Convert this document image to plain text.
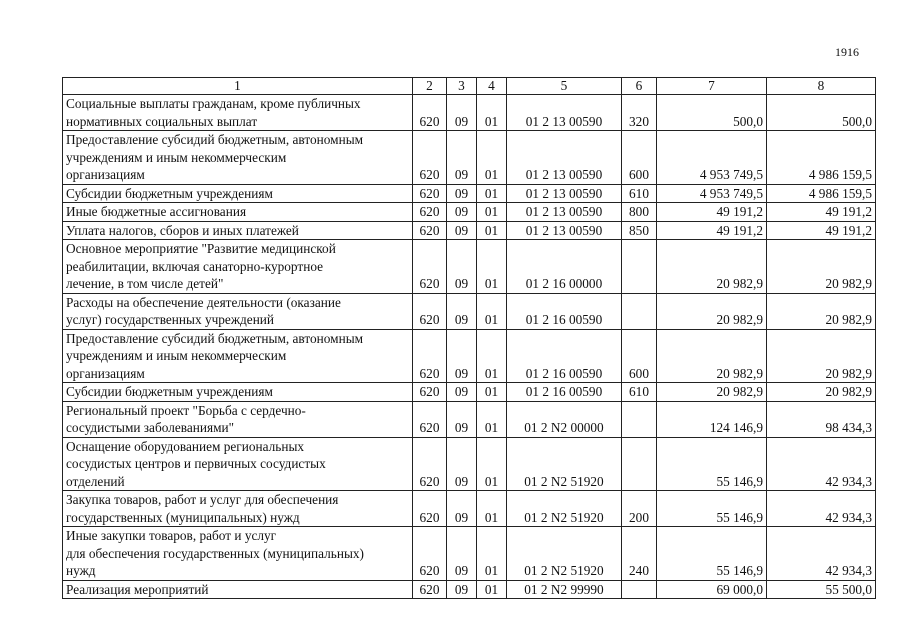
1916
1	2	3	4	5	6	7	8
Социальные выплаты гражданам, кроме публичных
нормативных социальных выплат	620	09	01	01 2 13 00590	320	500,0	500,0
Предоставление субсидий бюджетным, автономным
учреждениям и иным некоммерческим
организациям	620	09	01	01 2 13 00590	600	4 953 749,5	4 986 159,5
Субсидии бюджетным учреждениям	620	09	01	01 2 13 00590	610	4 953 749,5	4 986 159,5
Иные бюджетные ассигнования	620	09	01	01 2 13 00590	800	49 191,2	49 191,2
Уплата налогов, сборов и иных платежей	620	09	01	01 2 13 00590	850	49 191,2	49 191,2
Основное мероприятие "Развитие медицинской
реабилитации, включая санаторно-курортное
лечение, в том числе детей"	620	09	01	01 2 16 00000		20 982,9	20 982,9
Расходы на обеспечение деятельности (оказание
услуг) государственных учреждений	620	09	01	01 2 16 00590		20 982,9	20 982,9
Предоставление субсидий бюджетным, автономным
учреждениям и иным некоммерческим
организациям	620	09	01	01 2 16 00590	600	20 982,9	20 982,9
Субсидии бюджетным учреждениям	620	09	01	01 2 16 00590	610	20 982,9	20 982,9
Региональный проект "Борьба с сердечно-
сосудистыми заболеваниями"	620	09	01	01 2 N2 00000		124 146,9	98 434,3
Оснащение оборудованием региональных
сосудистых центров и первичных сосудистых
отделений	620	09	01	01 2 N2 51920		55 146,9	42 934,3
Закупка товаров, работ и услуг для обеспечения
государственных (муниципальных) нужд	620	09	01	01 2 N2 51920	200	55 146,9	42 934,3
Иные закупки товаров, работ и услуг
для обеспечения государственных (муниципальных)
нужд	620	09	01	01 2 N2 51920	240	55 146,9	42 934,3
Реализация мероприятий	620	09	01	01 2 N2 99990		69 000,0	55 500,0
